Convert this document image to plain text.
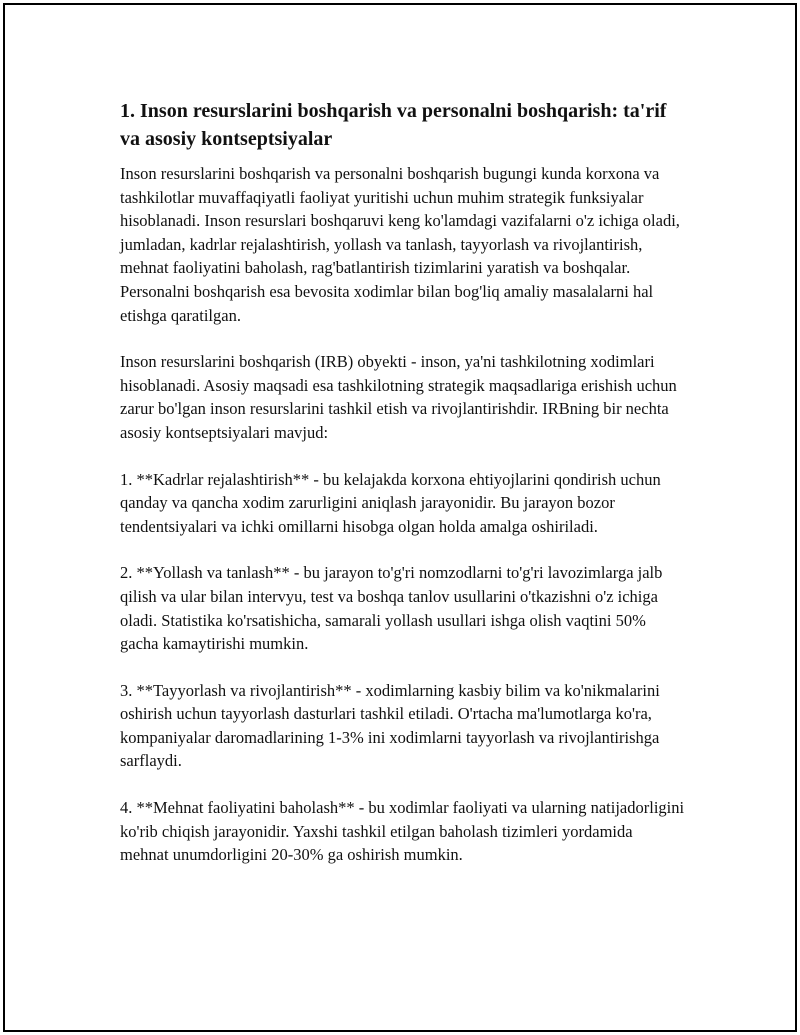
1. Inson resurslarini boshqarish va personalni boshqarish: ta'rif va asosiy kontseptsiyalar

Inson resurslarini boshqarish va personalni boshqarish bugungi kunda korxona va tashkilotlar muvaffaqiyatli faoliyat yuritishi uchun muhim strategik funksiyalar hisoblanadi. Inson resurslari boshqaruvi keng ko'lamdagi vazifalarni o'z ichiga oladi, jumladan, kadrlar rejalashtirish, yollash va tanlash, tayyorlash va rivojlantirish, mehnat faoliyatini baholash, rag'batlantirish tizimlarini yaratish va boshqalar. Personalni boshqarish esa bevosita xodimlar bilan bog'liq amaliy masalalarni hal etishga qaratilgan.

Inson resurslarini boshqarish (IRB) obyekti - inson, ya'ni tashkilotning xodimlari hisoblanadi. Asosiy maqsadi esa tashkilotning strategik maqsadlariga erishish uchun zarur bo'lgan inson resurslarini tashkil etish va rivojlantirishdir. IRBning bir nechta asosiy kontseptsiyalari mavjud:

1. **Kadrlar rejalashtirish** - bu kelajakda korxona ehtiyojlarini qondirish uchun qanday va qancha xodim zarurligini aniqlash jarayonidir. Bu jarayon bozor tendentsiyalari va ichki omillarni hisobga olgan holda amalga oshiriladi.

2. **Yollash va tanlash** - bu jarayon to'g'ri nomzodlarni to'g'ri lavozimlarga jalb qilish va ular bilan intervyu, test va boshqa tanlov usullarini o'tkazishni o'z ichiga oladi. Statistika ko'rsatishicha, samarali yollash usullari ishga olish vaqtini 50% gacha kamaytirishi mumkin.

3. **Tayyorlash va rivojlantirish** - xodimlarning kasbiy bilim va ko'nikmalarini oshirish uchun tayyorlash dasturlari tashkil etiladi. O'rtacha ma'lumotlarga ko'ra, kompaniyalar daromadlarining 1-3% ini xodimlarni tayyorlash va rivojlantirishga sarflaydi.

4. **Mehnat faoliyatini baholash** - bu xodimlar faoliyati va ularning natijadorligini ko'rib chiqish jarayonidir. Yaxshi tashkil etilgan baholash tizimleri yordamida mehnat unumdorligini 20-30% ga oshirish mumkin.
